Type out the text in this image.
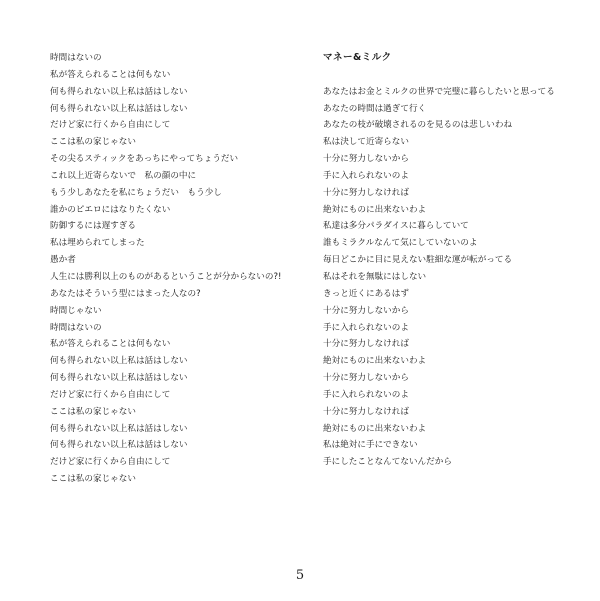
時間はないの
私が答えられることは何もない
何も得られない以上私は話はしない
何も得られない以上私は話はしない
だけど家に行くから自由にして
ここは私の家じゃない
その尖るスティックをあっちにやってちょうだい
これ以上近寄らないで　私の顔の中に
もう少しあなたを私にちょうだい　もう少し
誰かのピエロにはなりたくない
防御するには遅すぎる
私は埋められてしまった
愚か者
人生には勝利以上のものがあるということが分からないの?!
あなたはそういう型にはまった人なの?
時間じゃない
時間はないの
私が答えられることは何もない
何も得られない以上私は話はしない
何も得られない以上私は話はしない
だけど家に行くから自由にして
ここは私の家じゃない
何も得られない以上私は話はしない
何も得られない以上私は話はしない
だけど家に行くから自由にして
ここは私の家じゃない
マネー&ミルク
あなたはお金とミルクの世界で完璧に暮らしたいと思ってる
あなたの時間は過ぎて行く
あなたの枝が破壊されるのを見るのは悲しいわね
私は決して近寄らない
十分に努力しないから
手に入れられないのよ
十分に努力しなければ
絶対にものに出来ないわよ
私達は多分パラダイスに暮らしていて
誰もミラクルなんて気にしていないのよ
毎日どこかに目に見えない駐細な運が転がってる
私はそれを無駄にはしない
きっと近くにあるはず
十分に努力しないから
手に入れられないのよ
十分に努力しなければ
絶対にものに出来ないわよ
十分に努力しないから
手に入れられないのよ
十分に努力しなければ
絶対にものに出来ないわよ
私は絶対に手にできない
手にしたことなんてないんだから
5
